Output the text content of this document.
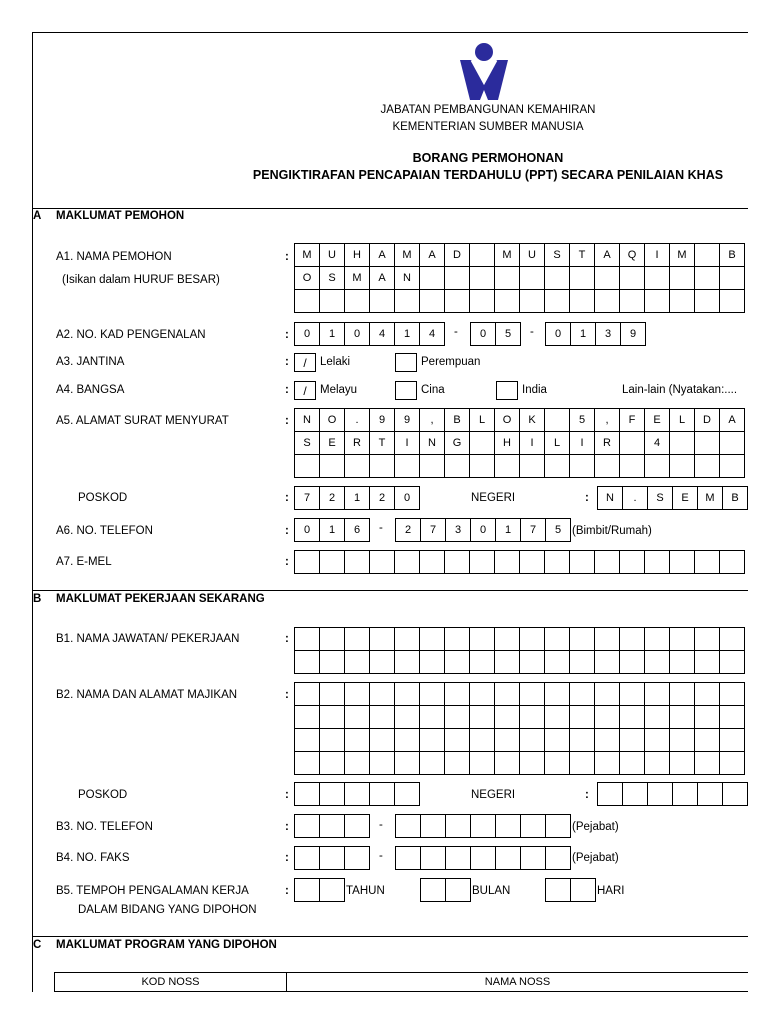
JABATAN PEMBANGUNAN KEMAHIRAN
KEMENTERIAN SUMBER MANUSIA
BORANG PERMOHONAN
PENGIKTIRAFAN PENCAPAIAN TERDAHULU (PPT) SECARA PENILAIAN KHAS
A MAKLUMAT PEMOHON
A1. NAMA PEMOHON
(Isikan dalam HURUF BESAR)
:	M	U	H	A	M	A	D	M	U	S	T	A	Q	I	M	B
O	S	M	A	N
A2. NO. KAD PENGENALAN	:	0	1	0	4	1	4	-	0	5	-	0	1	3	9
A3. JANTINA	:	/	Lelaki	Perempuan
A4. BANGSA	:	/	Melayu	Cina	India	Lain-lain (Nyatakan:....
A5. ALAMAT SURAT MENYURAT	:	N	O	.	9	9	,	B	L	O	K	5	,	F	E	L	D	A
S	E	R	T	I	N	G	H	I	L	I	R	4
POSKOD	:	7	2	1	2	0	NEGERI	:	N	.	S	E	M	B
A6. NO. TELEFON	:	0	1	6	-	2	7	3	0	1	7	5 (Bimbit/Rumah)
A7. E-MEL	:
B MAKLUMAT PEKERJAAN SEKARANG
B1. NAMA JAWATAN/ PEKERJAAN	:
B2. NAMA DAN ALAMAT MAJIKAN	:
POSKOD	:	NEGERI	:
B3. NO. TELEFON	:	-	(Pejabat)
B4. NO. FAKS	:	-	(Pejabat)
B5. TEMPOH PENGALAMAN KERJA
DALAM BIDANG YANG DIPOHON
:	TAHUN	BULAN	HARI
C MAKLUMAT PROGRAM YANG DIPOHON
KOD NOSS	NAMA NOSS
